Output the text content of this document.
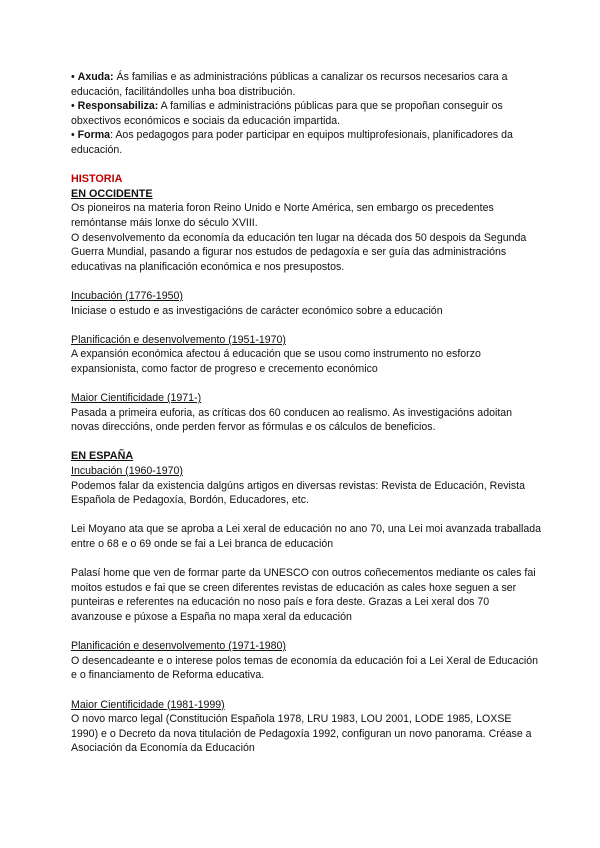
• Axuda: Ás familias e as administracións públicas a canalizar os recursos necesarios cara a educación, facilitándolles unha boa distribución.

• Responsabiliza: A familias e administracións públicas para que se propoñan conseguir os obxectivos económicos e sociais da educación impartida.

• Forma: Aos pedagogos para poder participar en equipos multiprofesionais, planificadores da educación.

HISTORIA

EN OCCIDENTE

Os pioneiros na materia foron Reino Unido e Norte América, sen embargo os precedentes remóntanse máis lonxe do século XVIII.

O desenvolvemento da economía da educación ten lugar na década dos 50 despois da Segunda Guerra Mundial, pasando a figurar nos estudos de pedagoxía e ser guía das administracións educativas na planificación económica e nos presupostos.

Incubación (1776-1950)

Iniciase o estudo e as investigacións de carácter económico sobre a educación

Planificación e desenvolvemento (1951-1970)

A expansión económica afectou á educación que se usou como instrumento no esforzo expansionista, como factor de progreso e crecemento económico

Maior Cientificidade (1971-)

Pasada a primeira euforia, as críticas dos 60 conducen ao realismo. As investigacións adoitan novas direccións, onde perden fervor as fórmulas e os cálculos de beneficios.

EN ESPAÑA

Incubación (1960-1970)

Podemos falar da existencia dalgúns artigos en diversas revistas: Revista de Educación, Revista Española de Pedagoxía, Bordón, Educadores, etc.

Lei Moyano ata que se aproba a Lei xeral de educación no ano 70, una Lei moi avanzada traballada entre o 68 e o 69 onde se fai a Lei branca de educación

Palasí home que ven de formar parte da UNESCO con outros coñecementos mediante os cales fai moitos estudos e fai que se creen diferentes revistas de educación as cales hoxe seguen a ser punteiras e referentes na educación no noso país e fora deste. Grazas a Lei xeral dos 70 avanzouse e púxose a España no mapa xeral da educación

Planificación e desenvolvemento (1971-1980)

O desencadeante e o interese polos temas de economía da educación foi a Lei Xeral de Educación e o financiamento de Reforma educativa.

Maior Cientificidade (1981-1999)

O novo marco legal (Constitución Española 1978, LRU 1983, LOU 2001, LODE 1985, LOXSE 1990) e o Decreto da nova titulación de Pedagoxía 1992, configuran un novo panorama. Créase a Asociación da Economía da Educación
